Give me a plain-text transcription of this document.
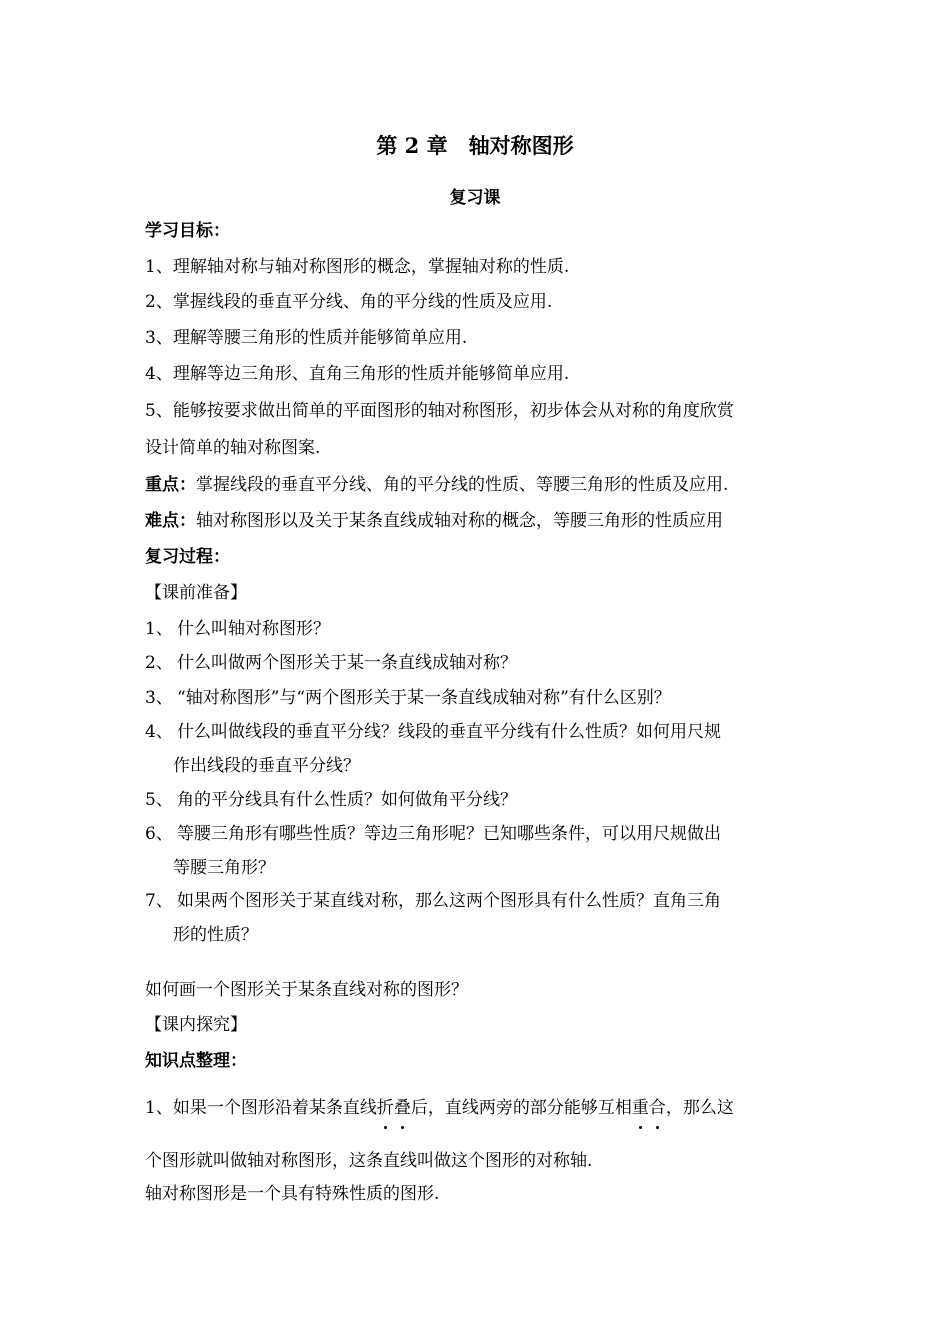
第 2 章　轴对称图形
复习课
学习目标：
1、理解轴对称与轴对称图形的概念，掌握轴对称的性质.
2、掌握线段的垂直平分线、角的平分线的性质及应用.
3、理解等腰三角形的性质并能够简单应用.
4、理解等边三角形、直角三角形的性质并能够简单应用.
5、能够按要求做出简单的平面图形的轴对称图形，初步体会从对称的角度欣赏
设计简单的轴对称图案.
重点：掌握线段的垂直平分线、角的平分线的性质、等腰三角形的性质及应用.
难点：轴对称图形以及关于某条直线成轴对称的概念，等腰三角形的性质应用
复习过程：
【课前准备】
1、 什么叫轴对称图形？
2、 什么叫做两个图形关于某一条直线成轴对称？
3、 “轴对称图形”与“两个图形关于某一条直线成轴对称”有什么区别？
4、 什么叫做线段的垂直平分线？线段的垂直平分线有什么性质？如何用尺规
作出线段的垂直平分线？
5、 角的平分线具有什么性质？如何做角平分线？
6、 等腰三角形有哪些性质？等边三角形呢？已知哪些条件，可以用尺规做出
等腰三角形？
7、 如果两个图形关于某直线对称，那么这两个图形具有什么性质？直角三角
形的性质？
如何画一个图形关于某条直线对称的图形？
【课内探究】
知识点整理：
1、如果一个图形沿着某条直线折叠后，直线两旁的部分能够互相重合，那么这
个图形就叫做轴对称图形，这条直线叫做这个图形的对称轴.
轴对称图形是一个具有特殊性质的图形.
